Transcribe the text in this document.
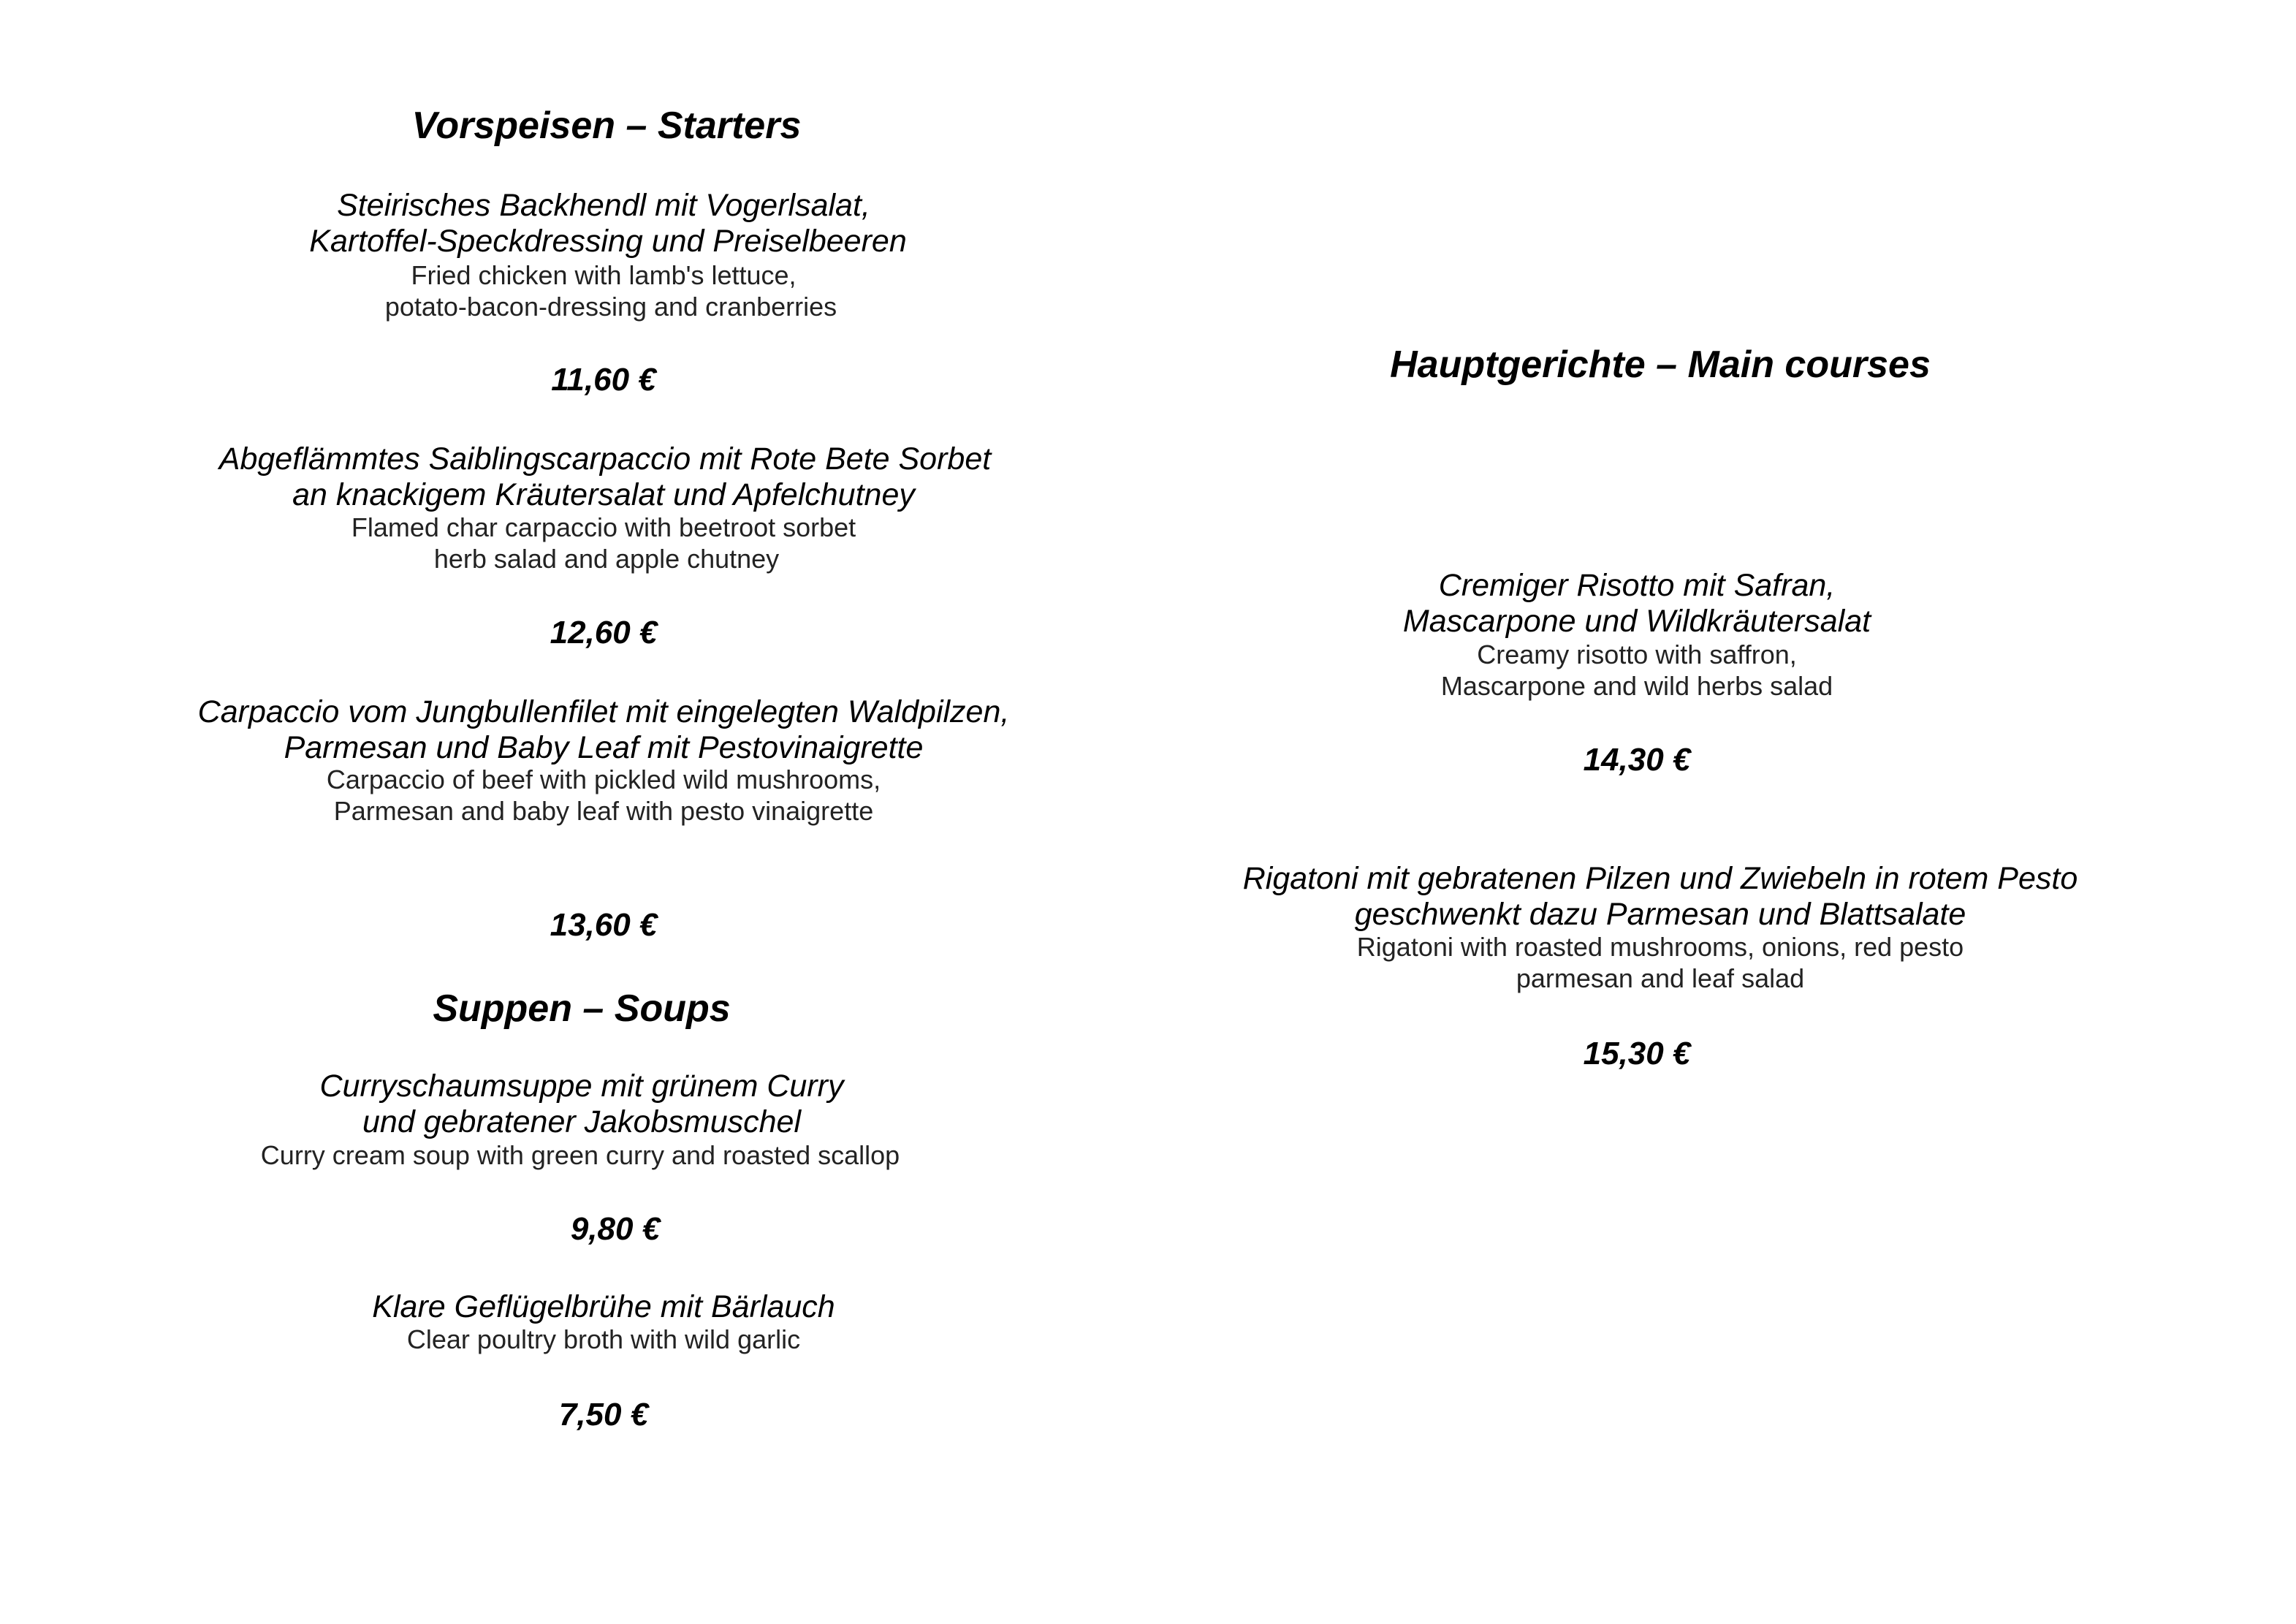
Vorspeisen – Starters
Steirisches Backhendl mit Vogerlsalat,
Kartoffel-Speckdressing und Preiselbeeren
Fried chicken with lamb's lettuce,
potato-bacon-dressing and cranberries
11,60 €
Abgeflämmtes Saiblingscarpaccio mit Rote Bete Sorbet
an knackigem Kräutersalat und Apfelchutney
Flamed char carpaccio with beetroot sorbet
herb salad and apple chutney
12,60 €
Carpaccio vom Jungbullenfilet mit eingelegten Waldpilzen,
Parmesan und Baby Leaf mit Pestovinaigrette
Carpaccio of beef with pickled wild mushrooms,
Parmesan and baby leaf with pesto vinaigrette
13,60 €
Suppen – Soups
Curryschaumsuppe mit grünem Curry
und gebratener Jakobsmuschel
Curry cream soup with green curry and roasted scallop
9,80 €
Klare Geflügelbrühe mit Bärlauch
Clear poultry broth with wild garlic
7,50 €
Hauptgerichte – Main courses
Cremiger Risotto mit Safran,
Mascarpone und Wildkräutersalat
Creamy risotto with saffron,
Mascarpone and wild herbs salad
14,30 €
Rigatoni mit gebratenen Pilzen und Zwiebeln in rotem Pesto
geschwenkt dazu Parmesan und Blattsalate
Rigatoni with roasted mushrooms, onions, red pesto
parmesan and leaf salad
15,30 €
